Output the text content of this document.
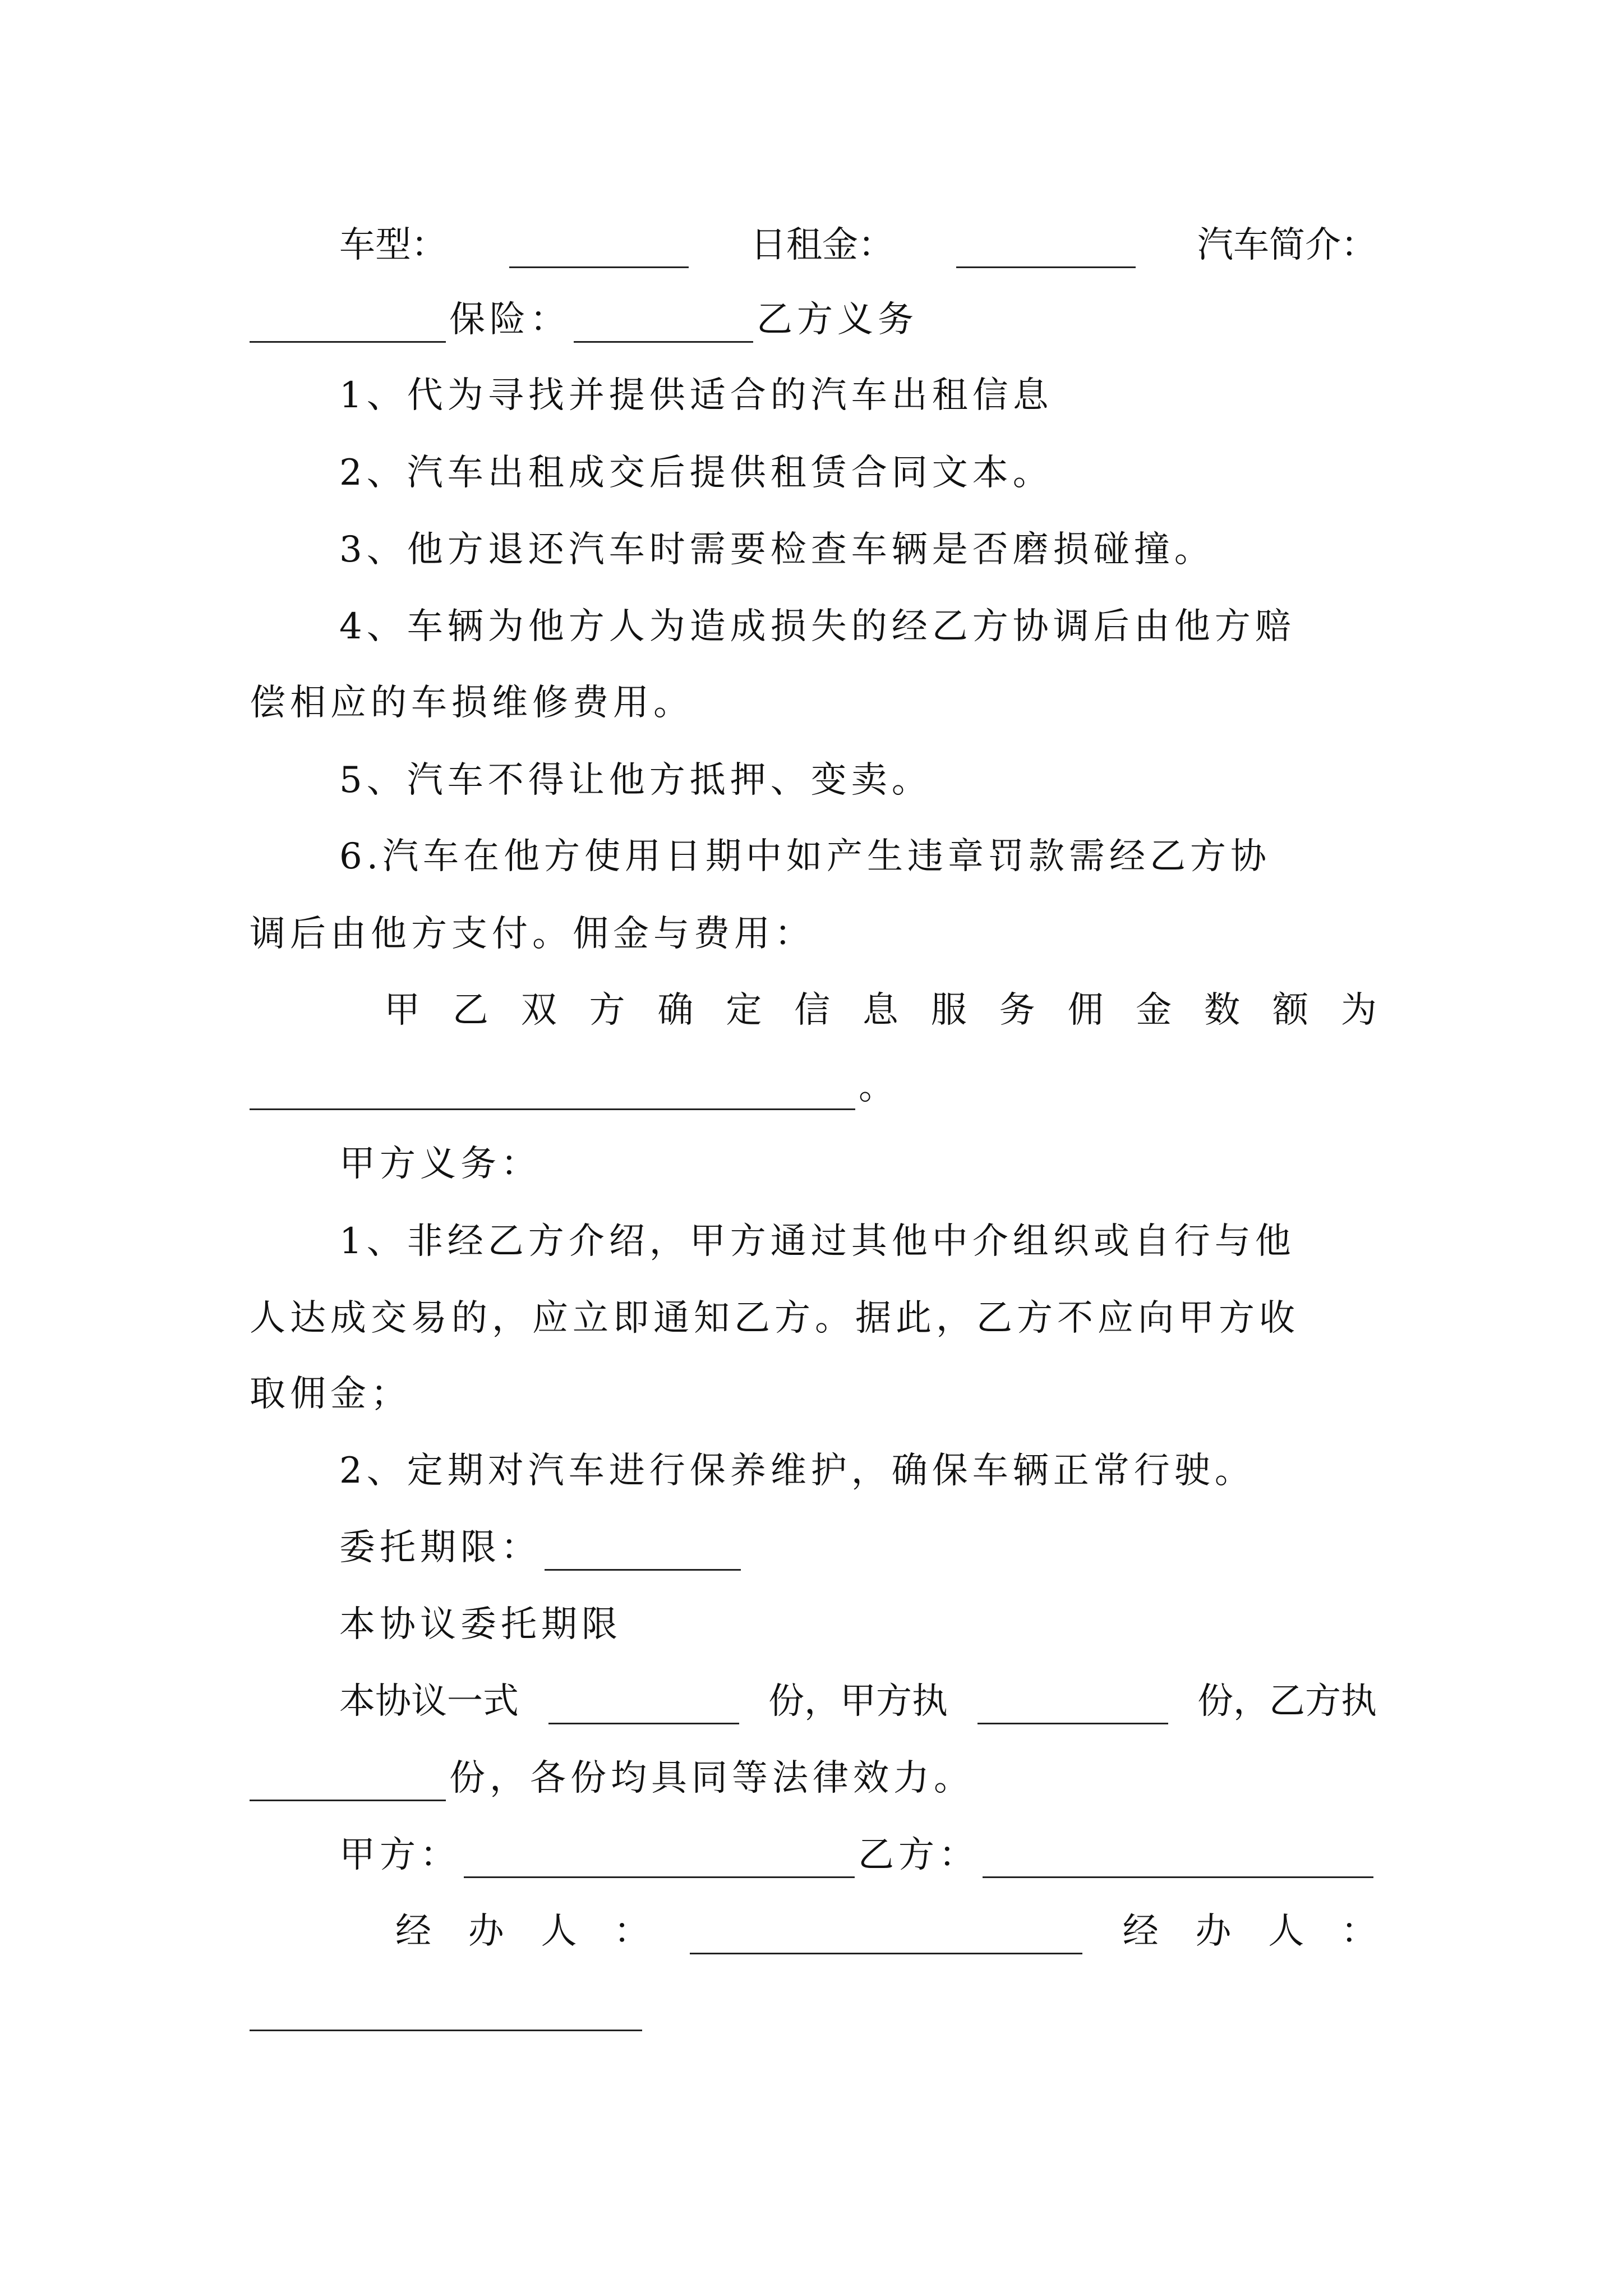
车型：	日租金：	汽车简介：
保险：	乙方义务
1、代为寻找并提供适合的汽车出租信息
2、汽车出租成交后提供租赁合同文本。
3、他方退还汽车时需要检查车辆是否磨损碰撞。
4、车辆为他方人为造成损失的经乙方协调后由他方赔
偿相应的车损维修费用。
5、汽车不得让他方抵押、变卖。
6.汽车在他方使用日期中如产生违章罚款需经乙方协
调后由他方支付。佣金与费用：
甲 乙 双 方 确 定 信 息 服 务 佣 金 数 额 为
。
甲方义务：
1、非经乙方介绍，甲方通过其他中介组织或自行与他
人达成交易的，应立即通知乙方。据此，乙方不应向甲方收
取佣金；
2、定期对汽车进行保养维护，确保车辆正常行驶。
委托期限：
本协议委托期限
本协议一式	份，甲方执	份，乙方执
份，各份均具同等法律效力。
甲方：	乙方：
经 办 人 ：	经 办 人 ：
